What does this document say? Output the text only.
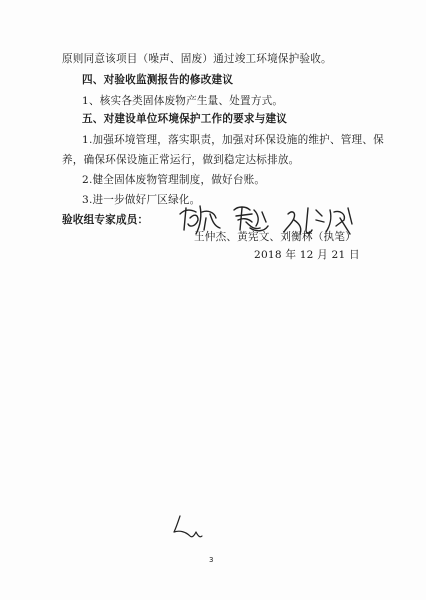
原则同意该项目（噪声、固废）通过竣工环境保护验收。
四、对验收监测报告的修改建议
1、核实各类固体废物产生量、处置方式。
五、对建设单位环境保护工作的要求与建议
1.加强环境管理，落实职责，加强对环保设施的维护、管理、保
养，确保环保设施正常运行，做到稳定达标排放。
2.健全固体废物管理制度，做好台账。
3.进一步做好厂区绿化。
验收组专家成员：
王仲杰、黄宪文、刘衡林（执笔）
2018 年 12 月 21 日
3
